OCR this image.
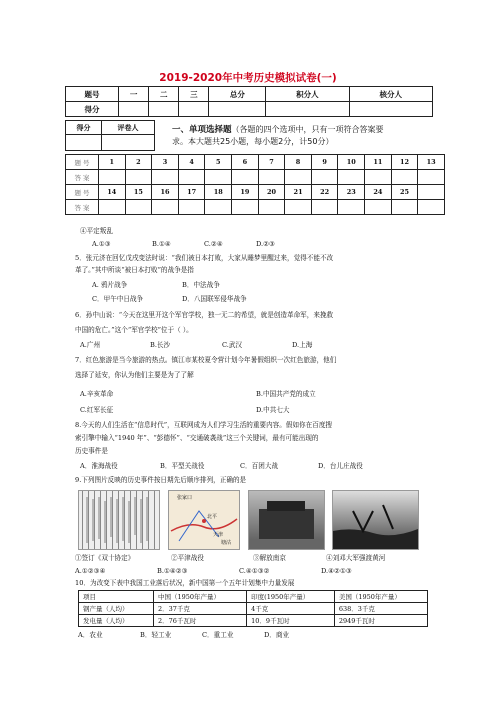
2019-2020年中考历史模拟试卷(一)
题号	一	二	三	总分	积分人	核分人
得分						
得分	评卷人
		一、单项选择题（各题的四个选项中，只有一项符合答案要
求。本大题共25小题，每小题2分，计50分）
题 号	1	2	3	4	5	6	7	8	9	10	11	12	13
答 案													
题 号	14	15	16	17	18	19	20	21	22	23	24	25	
答 案													
④平定叛乱
A.①③	B.①④	C.②④	D.②③
5．张元济在回忆戊戌变法时说：“我们被日本打败，大家从睡梦里醒过来，觉得不能不改
革了。”其中所谈“被日本打败”的战争是指
A. 鸦片战争	B．中法战争
C．甲午中日战争	D．八国联军侵华战争
6．孙中山说：“今天在这里开这个军官学校，独一无二的希望，就是创造革命军，来挽救
中国的危亡。”这个“军官学校”位于（ ）。
A.广州	B.长沙	C.武汉	D.上海
7．红色旅游是当今旅游的热点。镇江市某校夏令营计划今年暑假组织一次红色旅游，他们
选择了延安，你认为他们主要是为了了解
A.辛亥革命	B.中国共产党的成立
C.红军长征	D.中共七大
8.今天的人们生活在“信息时代”，互联网成为人们学习生活的重要内容。假如你在百度搜
索引擎中输入“1940 年”、“彭德怀”、“交通破袭战”这三个关键词，最有可能出现的
历史事件是
A．淮海战役	B．平型关战役	C．百团大战	D．台儿庄战役
9.下列图片反映的历史事件按日期先后顺序排列，正确的是
张家口
北平
天津
塘沽
①签订《双十协定》	②平津战役	③解放南京	④刘邓大军强渡黄河
A.①②③④	B.①④②③	C.④①③②	D.④②①③
10．为改变下表中我国工业落后状况，新中国第一个五年计划集中力量发展
项目	中国（1950年产量）	印度(1950年产量）	美国（1950年产量）
钢产量（人均）	2．37千克	4千克	638．3千克
发电量（人均）	2．76千瓦时	10．9千瓦时	2949千瓦时
A．农业	B．轻工业	C．重工业	D．商业
